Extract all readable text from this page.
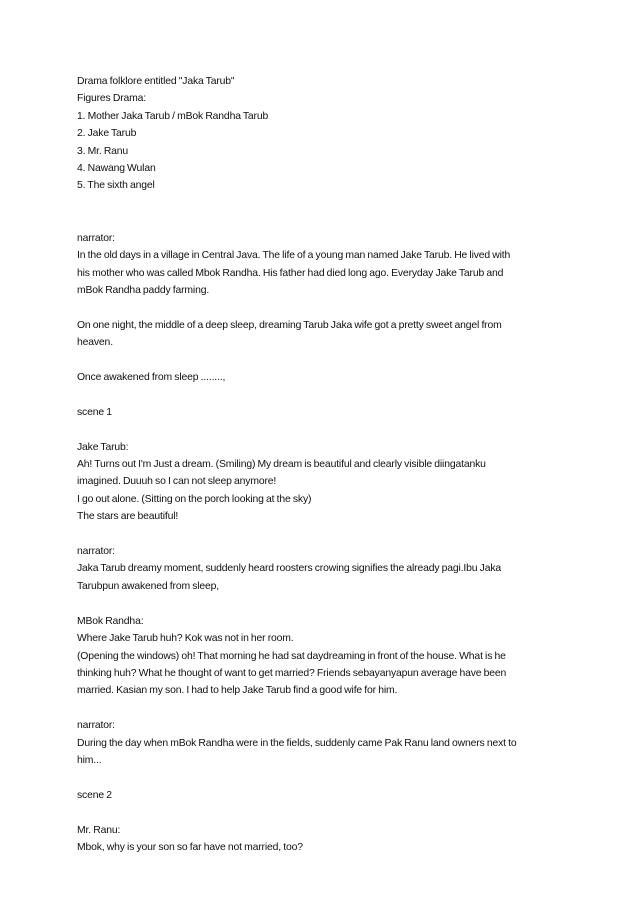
Drama folklore entitled "Jaka Tarub"
Figures Drama:
1. Mother Jaka Tarub / mBok Randha Tarub
2. Jake Tarub
3. Mr. Ranu
4. Nawang Wulan
5. The sixth angel
narrator:
In the old days in a village in Central Java. The life of a young man named Jake Tarub. He lived with
his mother who was called Mbok Randha. His father had died long ago. Everyday Jake Tarub and
mBok Randha paddy farming.
On one night, the middle of a deep sleep, dreaming Tarub Jaka wife got a pretty sweet angel from
heaven.
Once awakened from sleep ........,
scene 1
Jake Tarub:
Ah! Turns out I'm Just a dream. (Smiling) My dream is beautiful and clearly visible diingatanku
imagined. Duuuh so I can not sleep anymore!
I go out alone. (Sitting on the porch looking at the sky)
The stars are beautiful!
narrator:
Jaka Tarub dreamy moment, suddenly heard roosters crowing signifies the already pagi.Ibu Jaka
Tarubpun awakened from sleep,
MBok Randha:
Where Jake Tarub huh? Kok was not in her room.
(Opening the windows) oh! That morning he had sat daydreaming in front of the house. What is he
thinking huh? What he thought of want to get married? Friends sebayanyapun average have been
married. Kasian my son. I had to help Jake Tarub find a good wife for him.
narrator:
During the day when mBok Randha were in the fields, suddenly came Pak Ranu land owners next to
him...
scene 2
Mr. Ranu:
Mbok, why is your son so far have not married, too?
